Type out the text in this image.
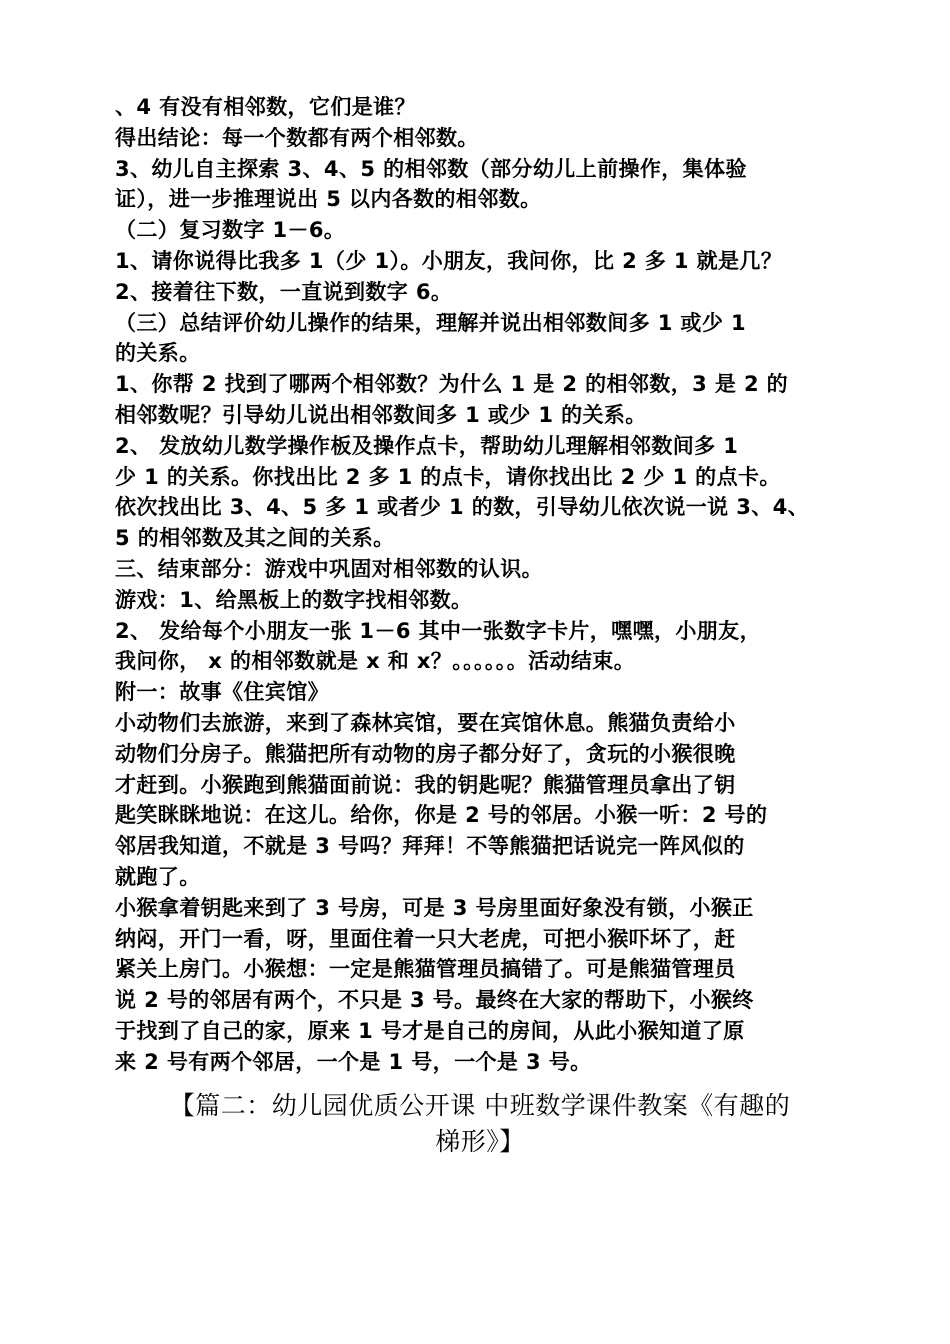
、4 有没有相邻数，它们是谁？
得出结论：每一个数都有两个相邻数。
3、幼儿自主探索 3、4、5 的相邻数（部分幼儿上前操作，集体验
证），进一步推理说出 5 以内各数的相邻数。
（二）复习数字 1－6。
1、请你说得比我多 1（少 1）。小朋友，我问你，比 2 多 1 就是几？
2、接着往下数，一直说到数字 6。
（三）总结评价幼儿操作的结果，理解并说出相邻数间多 1 或少 1
的关系。
1、你帮 2 找到了哪两个相邻数？为什么 1 是 2 的相邻数，3 是 2 的
相邻数呢？引导幼儿说出相邻数间多 1 或少 1 的关系。
2、 发放幼儿数学操作板及操作点卡，帮助幼儿理解相邻数间多 1
少 1 的关系。你找出比 2 多 1 的点卡，请你找出比 2 少 1 的点卡。
依次找出比 3、4、5 多 1 或者少 1 的数，引导幼儿依次说一说 3、4、
5 的相邻数及其之间的关系。
三、结束部分：游戏中巩固对相邻数的认识。
游戏：1、给黑板上的数字找相邻数。
2、 发给每个小朋友一张 1－6 其中一张数字卡片，嘿嘿，小朋友，
我问你， x 的相邻数就是 x 和 x？。。。。。。活动结束。
附一：故事《住宾馆》
小动物们去旅游，来到了森林宾馆，要在宾馆休息。熊猫负责给小
动物们分房子。熊猫把所有动物的房子都分好了，贪玩的小猴很晚
才赶到。小猴跑到熊猫面前说：我的钥匙呢？熊猫管理员拿出了钥
匙笑眯眯地说：在这儿。给你，你是 2 号的邻居。小猴一听：2 号的
邻居我知道，不就是 3 号吗？拜拜！不等熊猫把话说完一阵风似的
就跑了。
小猴拿着钥匙来到了 3 号房，可是 3 号房里面好象没有锁，小猴正
纳闷，开门一看，呀，里面住着一只大老虎，可把小猴吓坏了，赶
紧关上房门。小猴想：一定是熊猫管理员搞错了。可是熊猫管理员
说 2 号的邻居有两个，不只是 3 号。最终在大家的帮助下，小猴终
于找到了自己的家，原来 1 号才是自己的房间，从此小猴知道了原
来 2 号有两个邻居，一个是 1 号，一个是 3 号。
【篇二：幼儿园优质公开课 中班数学课件教案《有趣的
梯形》】
